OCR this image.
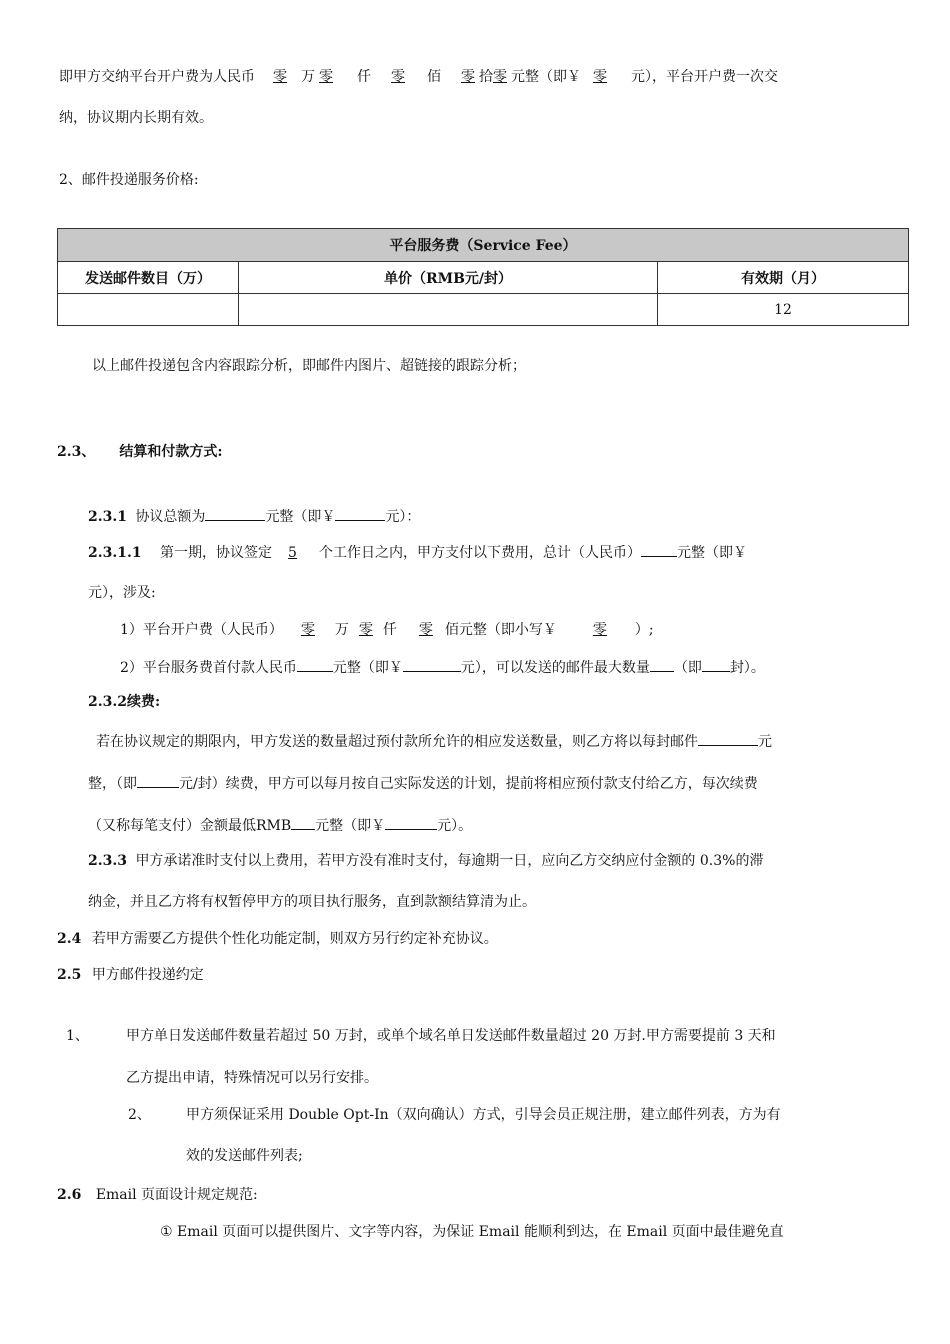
即甲方交纳平台开户费为人民币 零 万 零 仟 零 佰 零 拾零 元整（即￥ 零 元），平台开户费一次交
纳，协议期内长期有效。
2、邮件投递服务价格:
平台服务费（Service Fee）		
发送邮件数目（万）	单价（RMB元/封）	有效期（月）
		12
以上邮件投递包含内容跟踪分析，即邮件内图片、超链接的跟踪分析；
2.3、 结算和付款方式:
2.3.1 协议总额为	元整（即￥	元）：
2.3.1.1 第一期，协议签定 5 个工作日之内，甲方支付以下费用，总计（人民币）	元整（即￥
元），涉及:
1）平台开户费（人民币） 零 万 零 仟 零 佰元整（即小写￥	零 ）;
2）平台服务费首付款人民币	元整（即￥	元），可以发送的邮件最大数量 （即 封）。
2.3.2续费:
若在协议规定的期限内，甲方发送的数量超过预付款所允许的相应发送数量，则乙方将以每封邮件	元
整，（即	元/封）续费，甲方可以每月按自己实际发送的计划，提前将相应预付款支付给乙方，每次续费
（又称每笔支付）金额最低RMB 元整（即￥	元）。
2.3.3 甲方承诺准时支付以上费用，若甲方没有准时支付，每逾期一日，应向乙方交纳应付金额的 0.3%的滞
纳金，并且乙方将有权暂停甲方的项目执行服务，直到款额结算清为止。
2.4 若甲方需要乙方提供个性化功能定制，则双方另行约定补充协议。
2.5 甲方邮件投递约定
1、	甲方单日发送邮件数量若超过 50 万封，或单个域名单日发送邮件数量超过 20 万封.甲方需要提前 3 天和
乙方提出申请，特殊情况可以另行安排。
2、	甲方须保证采用 Double Opt-In（双向确认）方式，引导会员正规注册，建立邮件列表，方为有
效的发送邮件列表;
2.6 Email 页面设计规定规范:
① Email 页面可以提供图片、文字等内容，为保证 Email 能顺利到达，在 Email 页面中最佳避免直
